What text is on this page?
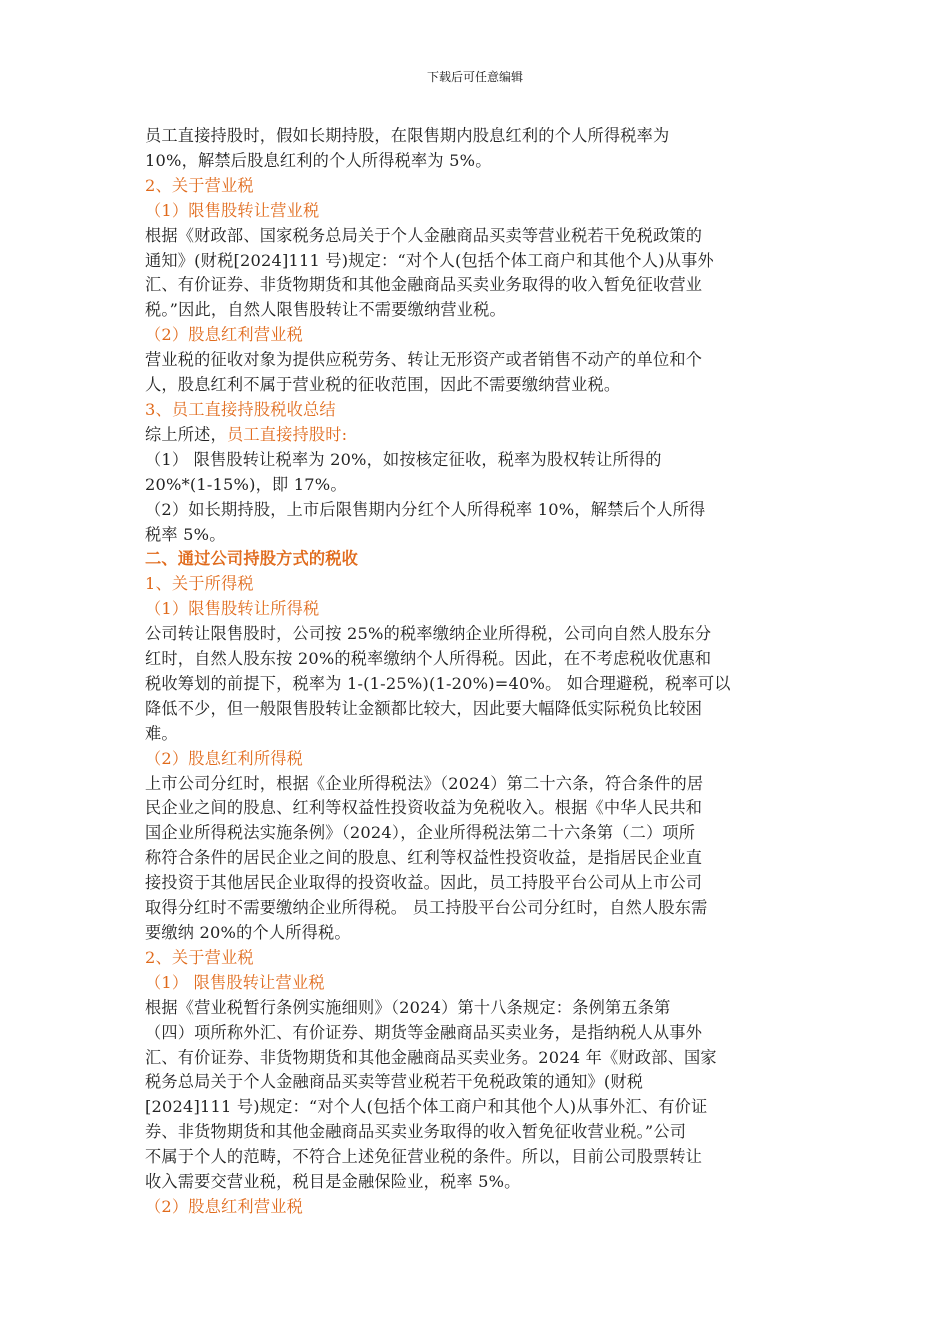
下载后可任意编辑

员工直接持股时，假如长期持股，在限售期内股息红利的个人所得税率为
10%，解禁后股息红利的个人所得税率为 5%。

2、关于营业税

（1）限售股转让营业税

根据《财政部、国家税务总局关于个人金融商品买卖等营业税若干免税政策的
通知》(财税[2024]111 号)规定：“对个人(包括个体工商户和其他个人)从事外
汇、有价证券、非货物期货和其他金融商品买卖业务取得的收入暂免征收营业
税。”因此，自然人限售股转让不需要缴纳营业税。

（2）股息红利营业税

营业税的征收对象为提供应税劳务、转让无形资产或者销售不动产的单位和个
人，股息红利不属于营业税的征收范围，因此不需要缴纳营业税。

3、员工直接持股税收总结

综上所述，员工直接持股时:

（1） 限售股转让税率为 20%，如按核定征收，税率为股权转让所得的
20%*(1-15%)，即 17%。

（2）如长期持股，上市后限售期内分红个人所得税率 10%，解禁后个人所得
税率 5%。

二、通过公司持股方式的税收

1、关于所得税

（1）限售股转让所得税

公司转让限售股时，公司按 25%的税率缴纳企业所得税，公司向自然人股东分
红时，自然人股东按 20%的税率缴纳个人所得税。因此，在不考虑税收优惠和
税收筹划的前提下，税率为 1-(1-25%)(1-20%)=40%。 如合理避税，税率可以
降低不少，但一般限售股转让金额都比较大，因此要大幅降低实际税负比较困
难。

（2）股息红利所得税

上市公司分红时，根据《企业所得税法》（2024）第二十六条，符合条件的居
民企业之间的股息、红利等权益性投资收益为免税收入。根据《中华人民共和
国企业所得税法实施条例》（2024），企业所得税法第二十六条第（二）项所
称符合条件的居民企业之间的股息、红利等权益性投资收益，是指居民企业直
接投资于其他居民企业取得的投资收益。因此，员工持股平台公司从上市公司
取得分红时不需要缴纳企业所得税。 员工持股平台公司分红时，自然人股东需
要缴纳 20%的个人所得税。

2、关于营业税

（1） 限售股转让营业税

根据《营业税暂行条例实施细则》（2024）第十八条规定：条例第五条第
（四）项所称外汇、有价证券、期货等金融商品买卖业务，是指纳税人从事外
汇、有价证券、非货物期货和其他金融商品买卖业务。2024 年《财政部、国家
税务总局关于个人金融商品买卖等营业税若干免税政策的通知》(财税
[2024]111 号)规定：“对个人(包括个体工商户和其他个人)从事外汇、有价证
券、非货物期货和其他金融商品买卖业务取得的收入暂免征收营业税。”公司
不属于个人的范畴，不符合上述免征营业税的条件。所以，目前公司股票转让
收入需要交营业税，税目是金融保险业，税率 5%。

（2）股息红利营业税
